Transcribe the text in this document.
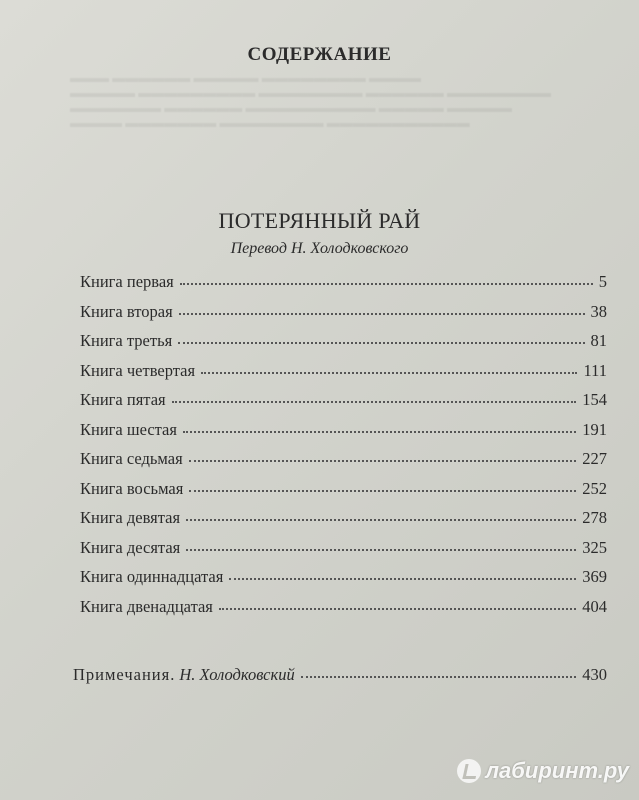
▬▬▬ ▬▬▬▬▬▬ ▬▬▬▬▬ ▬▬▬▬▬▬▬▬ ▬▬▬▬
▬▬▬▬▬ ▬▬▬▬▬▬▬▬▬ ▬▬▬▬▬▬▬▬ ▬▬▬▬▬▬ ▬▬▬▬▬▬▬▬
▬▬▬▬▬▬▬ ▬▬▬▬▬▬ ▬▬▬▬▬▬▬▬▬▬ ▬▬▬▬▬ ▬▬▬▬▬
▬▬▬▬ ▬▬▬▬▬▬▬ ▬▬▬▬▬▬▬▬ ▬▬▬▬▬▬▬▬▬▬▬
СОДЕРЖАНИЕ
ПОТЕРЯННЫЙ РАЙ
Перевод Н. Холодковского
Книга первая	5
Книга вторая	38
Книга третья	81
Книга четвертая	111
Книга пятая	154
Книга шестая	191
Книга седьмая	227
Книга восьмая	252
Книга девятая	278
Книга десятая	325
Книга одиннадцатая	369
Книга двенадцатая	404
Примечания. Н. Холодковский	430
лабиринт.ру
